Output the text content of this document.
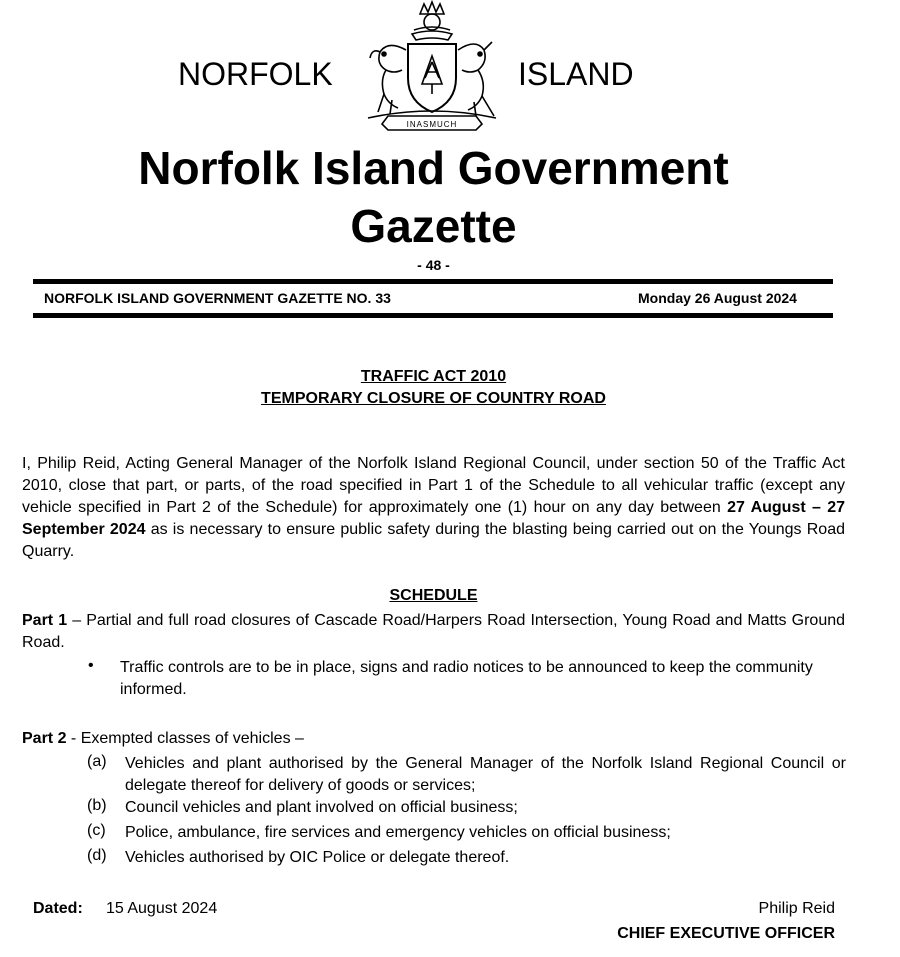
NORFOLK
INASMUCH
ISLAND
Norfolk Island Government
Gazette
- 48 -
NORFOLK ISLAND GOVERNMENT GAZETTE NO. 33	Monday 26 August 2024
TRAFFIC ACT 2010
TEMPORARY CLOSURE OF COUNTRY ROAD
I, Philip Reid, Acting General Manager of the Norfolk Island Regional Council, under section 50 of the Traffic Act 2010, close that part, or parts, of the road specified in Part 1 of the Schedule to all vehicular traffic (except any vehicle specified in Part 2 of the Schedule) for approximately one (1) hour on any day between 27 August – 27 September 2024 as is necessary to ensure public safety during the blasting being carried out on the Youngs Road Quarry.
SCHEDULE
Part 1 – Partial and full road closures of Cascade Road/Harpers Road Intersection, Young Road and Matts Ground Road.
• Traffic controls are to be in place, signs and radio notices to be announced to keep the community informed.
Part 2 - Exempted classes of vehicles –
(a) Vehicles and plant authorised by the General Manager of the Norfolk Island Regional Council or delegate thereof for delivery of goods or services;
(b) Council vehicles and plant involved on official business;
(c) Police, ambulance, fire services and emergency vehicles on official business;
(d) Vehicles authorised by OIC Police or delegate thereof.
Dated: 15 August 2024	Philip Reid
CHIEF EXECUTIVE OFFICER
